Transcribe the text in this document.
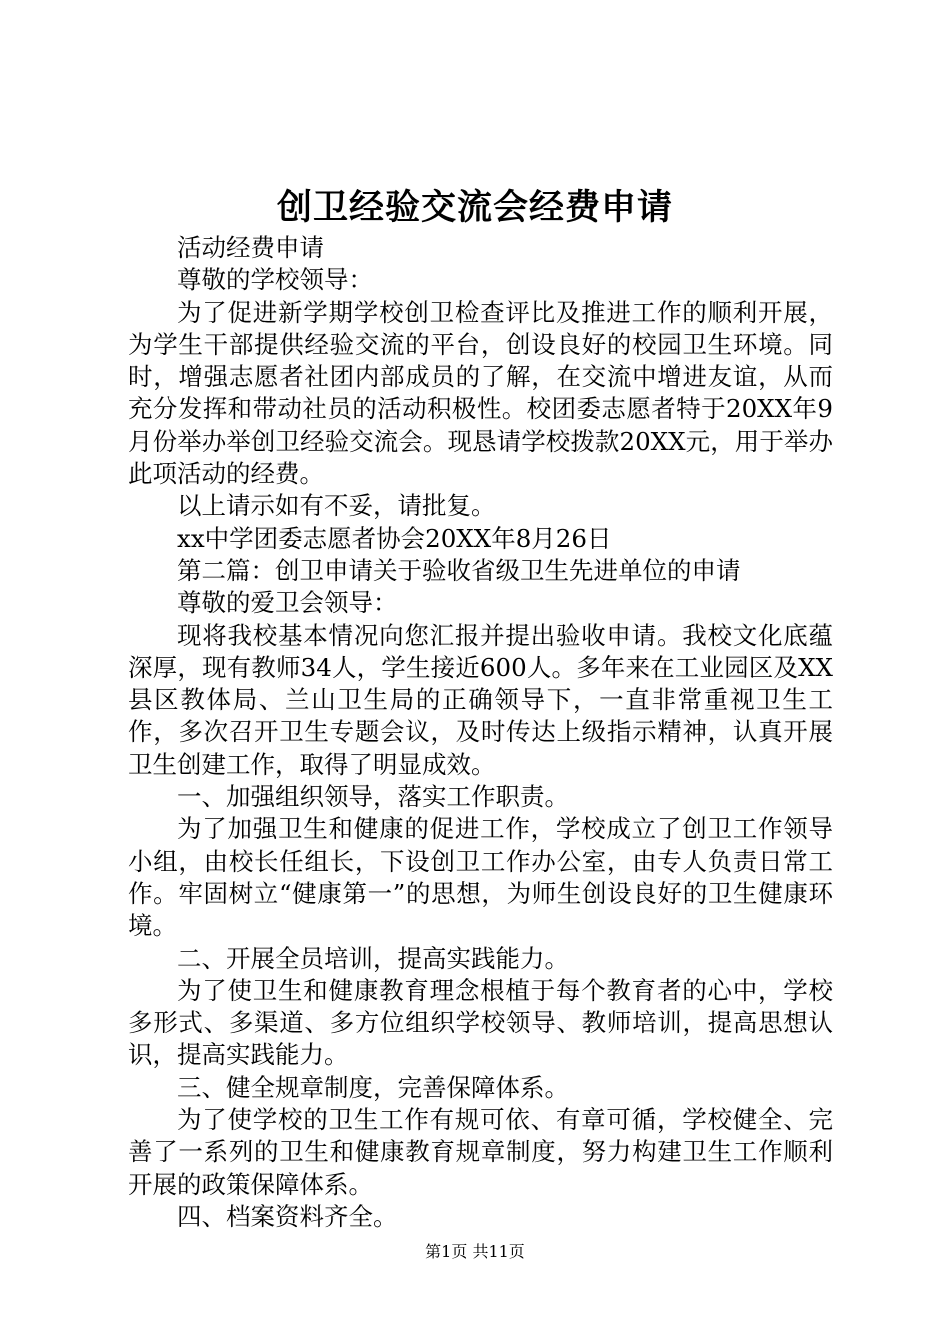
创卫经验交流会经费申请

活动经费申请

尊敬的学校领导：

为了促进新学期学校创卫检查评比及推进工作的顺利开展，为学生干部提供经验交流的平台，创设良好的校园卫生环境。同时，增强志愿者社团内部成员的了解，在交流中增进友谊，从而充分发挥和带动社员的活动积极性。校团委志愿者特于20XX年9月份举办举创卫经验交流会。现恳请学校拨款20XX元，用于举办此项活动的经费。

以上请示如有不妥，请批复。

xx中学团委志愿者协会20XX年8月26日

第二篇：创卫申请关于验收省级卫生先进单位的申请

尊敬的爱卫会领导：

现将我校基本情况向您汇报并提出验收申请。我校文化底蕴深厚，现有教师34人，学生接近600人。多年来在工业园区及XX县区教体局、兰山卫生局的正确领导下，一直非常重视卫生工作，多次召开卫生专题会议，及时传达上级指示精神，认真开展卫生创建工作，取得了明显成效。

一、加强组织领导，落实工作职责。

为了加强卫生和健康的促进工作，学校成立了创卫工作领导小组，由校长任组长，下设创卫工作办公室，由专人负责日常工作。牢固树立“健康第一”的思想，为师生创设良好的卫生健康环境。

二、开展全员培训，提高实践能力。

为了使卫生和健康教育理念根植于每个教育者的心中，学校多形式、多渠道、多方位组织学校领导、教师培训，提高思想认识，提高实践能力。

三、健全规章制度，完善保障体系。

为了使学校的卫生工作有规可依、有章可循，学校健全、完善了一系列的卫生和健康教育规章制度，努力构建卫生工作顺利开展的政策保障体系。

四、档案资料齐全。

第1页 共11页
